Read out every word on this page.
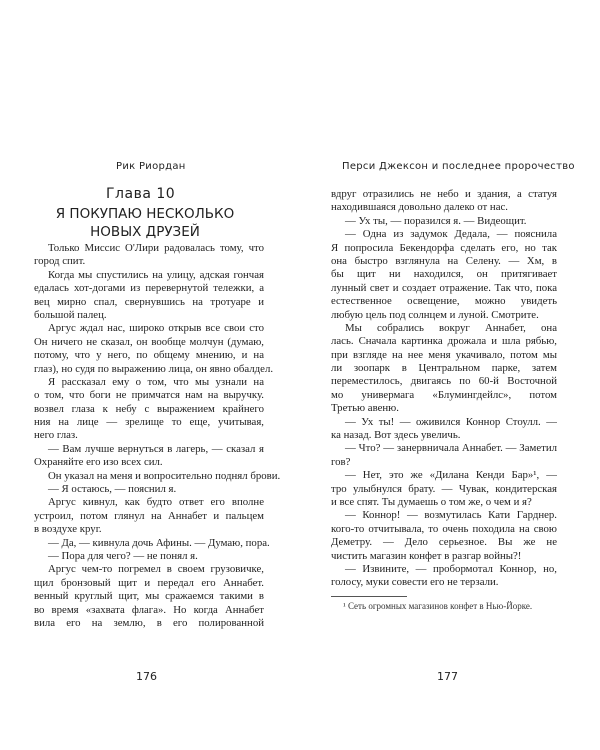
Рик Риордан
Глава 10
Я ПОКУПАЮ НЕСКОЛЬКО
НОВЫХ ДРУЗЕЙ
Только Миссис О'Лири радовалась тому, что
город спит.
Когда мы спустились на улицу, адская гончая
едалась хот-догами из перевернутой тележки, а
вец мирно спал, свернувшись на тротуаре и
большой палец.
Аргус ждал нас, широко открыв все свои сто
Он ничего не сказал, он вообще молчун (думаю,
потому, что у него, по общему мнению, и на
глаз), но судя по выражению лица, он явно обалдел.
Я рассказал ему о том, что мы узнали на
о том, что боги не примчатся нам на выручку.
возвел глаза к небу с выражением крайнего
ния на лице — зрелище то еще, учитывая,
него глаз.
— Вам лучше вернуться в лагерь, — сказал я
Охраняйте его изо всех сил.
Он указал на меня и вопросительно поднял брови.
— Я остаюсь, — пояснил я.
Аргус кивнул, как будто ответ его вполне
устроил, потом глянул на Аннабет и пальцем
в воздухе круг.
— Да, — кивнула дочь Афины. — Думаю, пора.
— Пора для чего? — не понял я.
Аргус чем-то погремел в своем грузовичке,
щил бронзовый щит и передал его Аннабет.
венный круглый щит, мы сражаемся такими в
во время «захвата флага». Но когда Аннабет
вила его на землю, в его полированной
176
Перси Джексон и последнее пророчество
177
вдруг отразились не небо и здания, а статуя
находившаяся довольно далеко от нас.
— Ух ты, — поразился я. — Видеощит.
— Одна из задумок Дедала, — пояснила
Я попросила Бекендорфа сделать его, но так
она быстро взглянула на Селену. — Хм, в
бы щит ни находился, он притягивает
лунный свет и создает отражение. Так что, пока
естественное освещение, можно увидеть
любую цель под солнцем и луной. Смотрите.
Мы собрались вокруг Аннабет, она
лась. Сначала картинка дрожала и шла рябью,
при взгляде на нее меня укачивало, потом мы
ли зоопарк в Центральном парке, затем
переместилось, двигаясь по 60-й Восточной
мо универмага «Блумингдейлс», потом
Третью авеню.
— Ух ты! — оживился Коннор Стоулл. —
ка назад. Вот здесь увеличь.
— Что? — занервничала Аннабет. — Заметил
гов?
— Нет, это же «Дилана Кенди Бар»¹, —
тро улыбнулся брату. — Чувак, кондитерская
и все спят. Ты думаешь о том же, о чем и я?
— Коннор! — возмутилась Кати Гарднер.
кого-то отчитывала, то очень походила на свою
Деметру. — Дело серьезное. Вы же не
чистить магазин конфет в разгар войны?!
— Извините, — пробормотал Коннор, но,
голосу, муки совести его не терзали.
¹ Сеть огромных магазинов конфет в Нью-Йорке.
